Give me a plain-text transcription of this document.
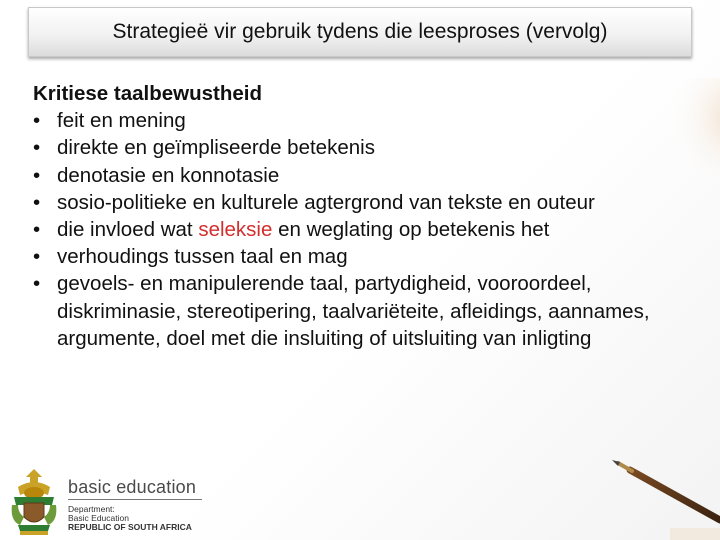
Strategieë vir gebruik tydens die leesproses (vervolg)
Kritiese taalbewustheid
• feit en mening
• direkte en geïmpliseerde betekenis
• denotasie en konnotasie
• sosio-politieke en kulturele agtergrond van tekste en outeur
• die invloed wat seleksie en weglating op betekenis het
• verhoudings tussen taal en mag
• gevoels- en manipulerende taal, partydigheid, vooroordeel, diskriminasie, stereotipering, taalvariëteite, afleidings, aannames, argumente, doel met die insluiting of uitsluiting van inligting
basic education
Department:
Basic Education
REPUBLIC OF SOUTH AFRICA
